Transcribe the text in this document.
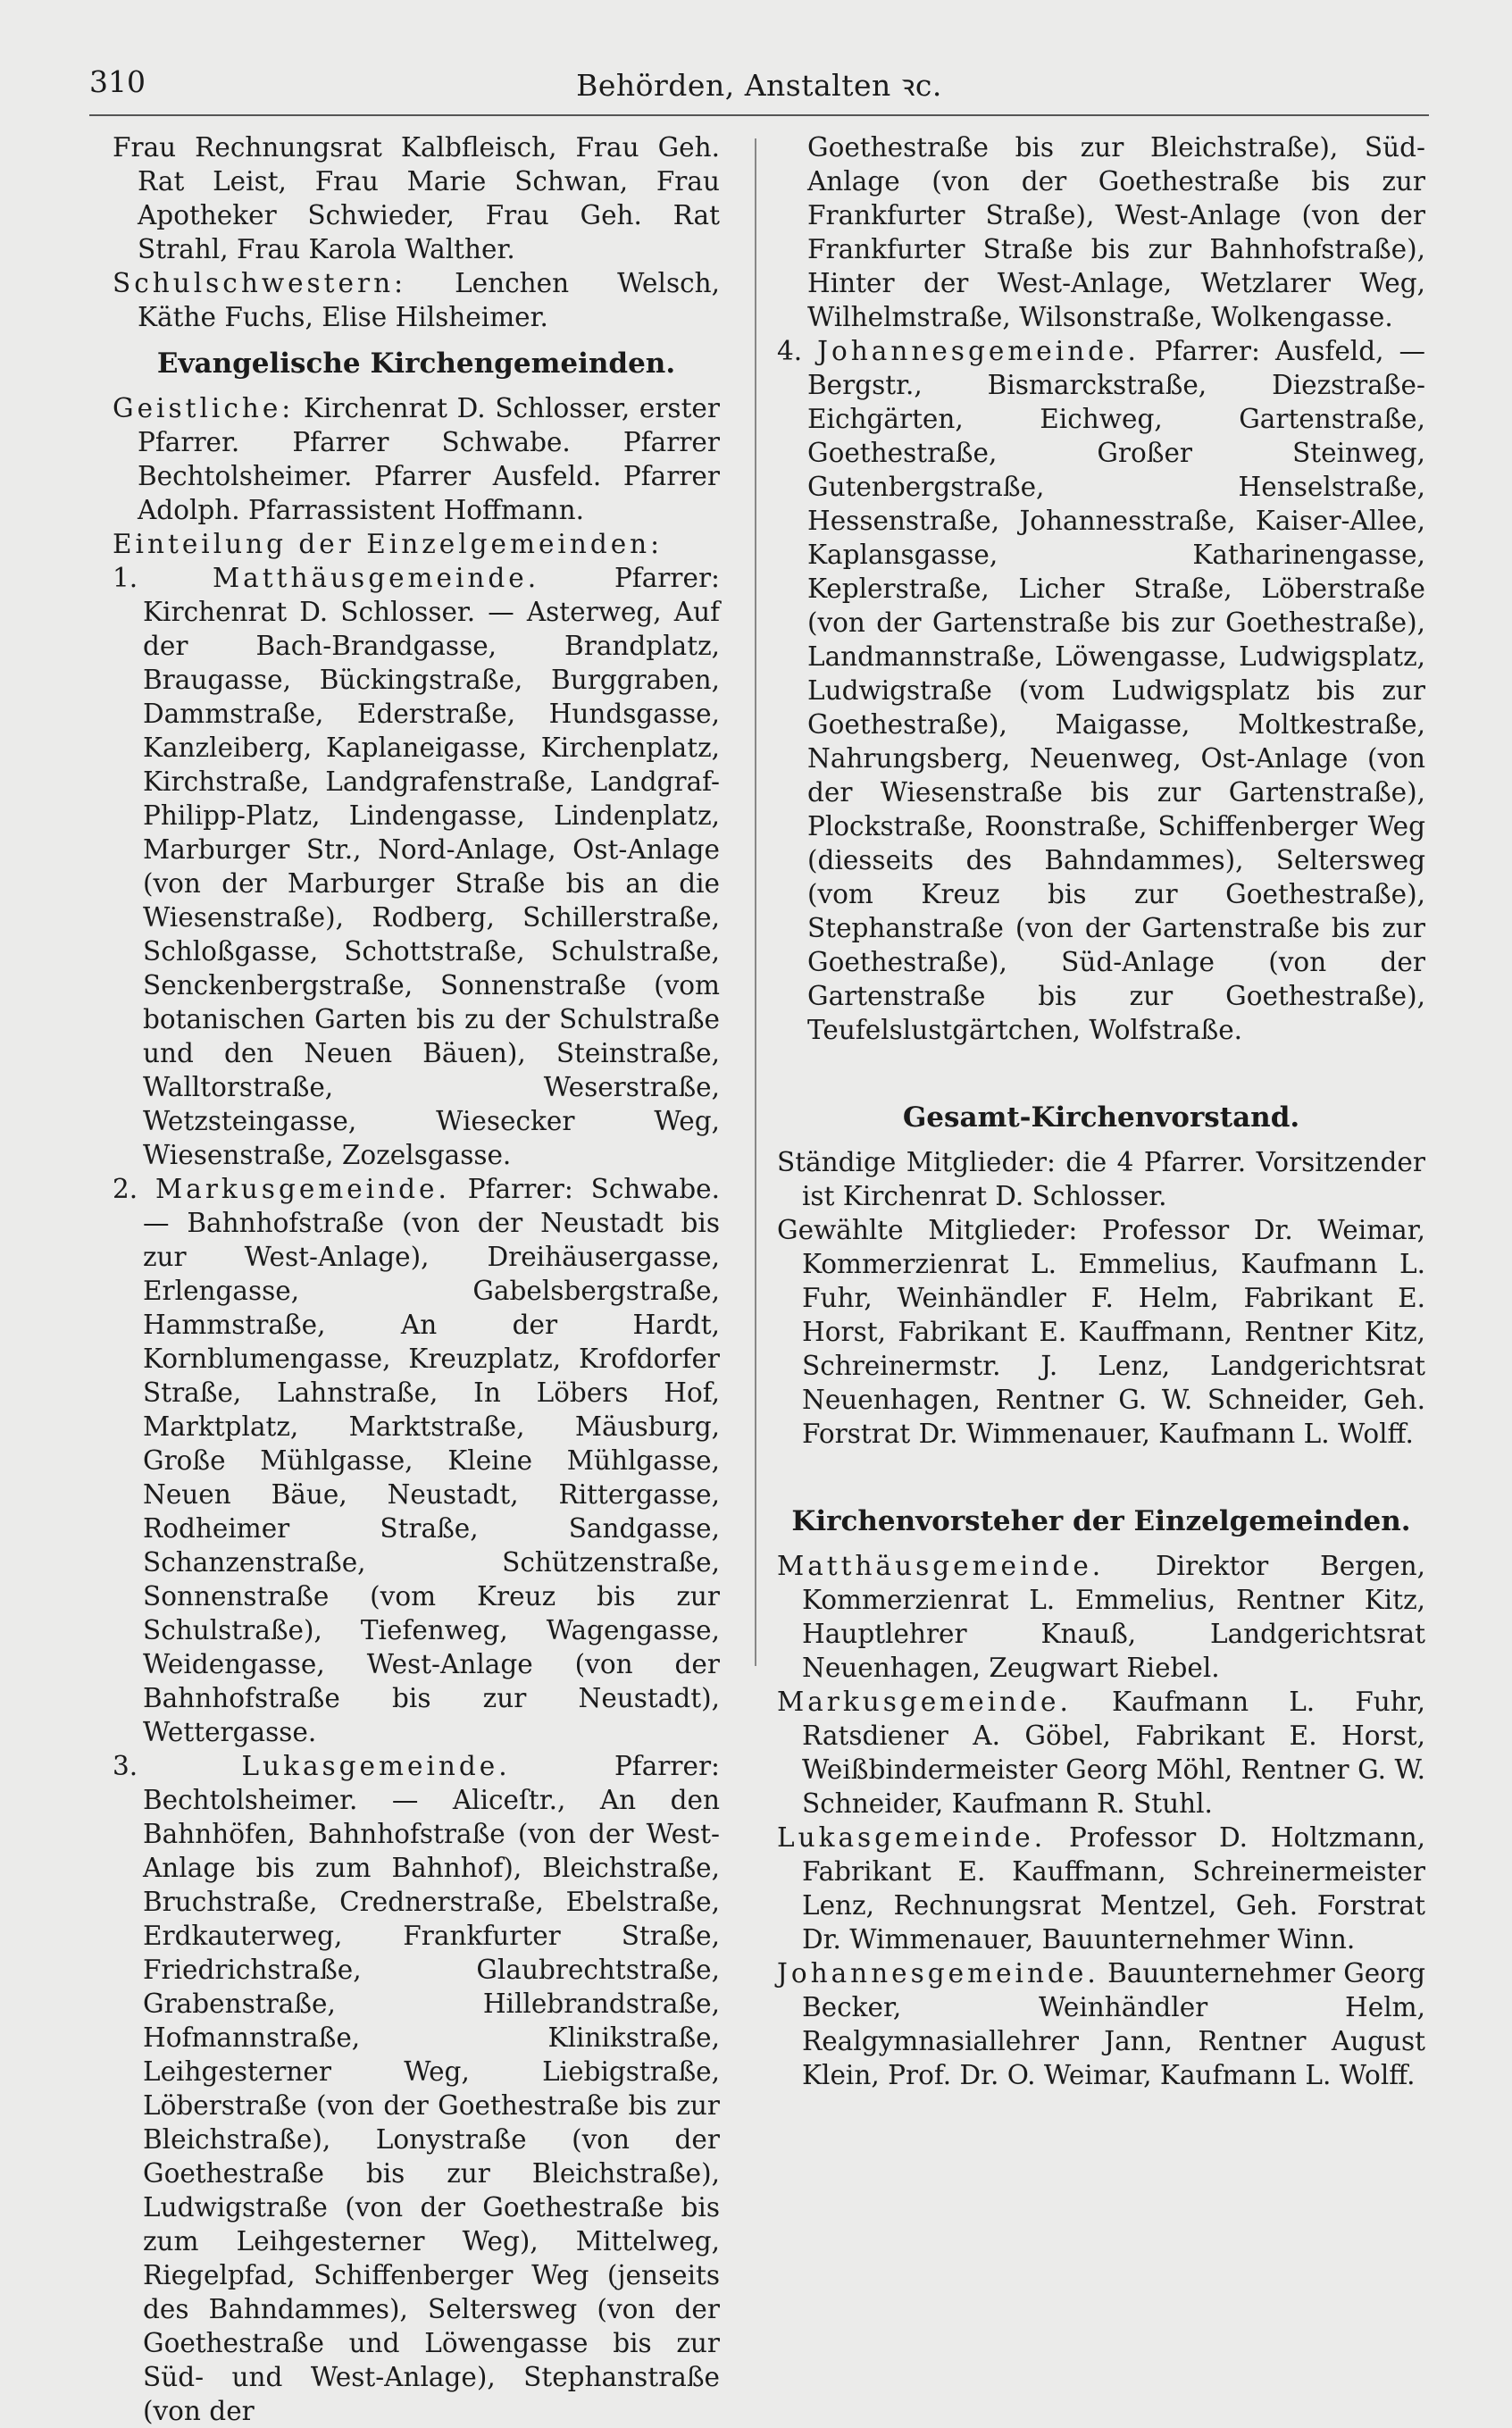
310	Behörden, Anstalten ꝛc.

Frau Rechnungsrat Kalbfleisch, Frau Geh. Rat Leist, Frau Marie Schwan, Frau Apotheker Schwieder, Frau Geh. Rat Strahl, Frau Karola Walther.

Schulschwestern: Lenchen Welsch, Käthe Fuchs, Elise Hilsheimer.

Evangelische Kirchengemeinden.

Geistliche: Kirchenrat D. Schlosser, erster Pfarrer. Pfarrer Schwabe. Pfarrer Bechtolsheimer. Pfarrer Ausfeld. Pfarrer Adolph. Pfarrassistent Hoffmann.

Einteilung der Einzelgemeinden:

1.	Matthäusgemeinde.	Pfarrer: Kirchenrat D. Schlosser. — Asterweg, Auf der Bach-Brandgasse, Brandplatz, Braugasse, Bückingstraße, Burggraben, Dammstraße, Ederstraße, Hundsgasse, Kanzleiberg, Kaplaneigasse, Kirchenplatz, Kirchstraße, Landgrafenstraße, Landgraf-Philipp-Platz, Lindengasse, Lindenplatz, Marburger Str., Nord-Anlage, Ost-Anlage (von der Marburger Straße bis an die Wiesenstraße), Rodberg, Schillerstraße, Schloßgasse, Schottstraße, Schulstraße, Senckenbergstraße, Sonnenstraße (vom botanischen Garten bis zu der Schulstraße und den Neuen Bäuen), Steinstraße, Walltorstraße, Weserstraße, Wetzsteingasse, Wiesecker Weg, Wiesenstraße, Zozelsgasse.

2. Markusgemeinde. Pfarrer: Schwabe. — Bahnhofstraße (von der Neustadt bis zur West-Anlage), Dreihäusergasse, Erlengasse, Gabelsbergstraße, Hammstraße, An der Hardt, Kornblumengasse, Kreuzplatz, Krofdorfer Straße, Lahnstraße, In Löbers Hof, Marktplatz, Marktstraße, Mäusburg, Große Mühlgasse, Kleine Mühlgasse, Neuen Bäue, Neustadt, Rittergasse, Rodheimer Straße, Sandgasse, Schanzenstraße, Schützenstraße, Sonnenstraße (vom Kreuz bis zur Schulstraße), Tiefenweg, Wagengasse, Weidengasse, West-Anlage (von der Bahnhofstraße bis zur Neustadt), Wettergasse.

3.	Lukasgemeinde.	Pfarrer: Bechtolsheimer. — Aliceſtr., An den Bahnhöfen, Bahnhofstraße (von der West-Anlage bis zum Bahnhof), Bleichstraße, Bruchstraße, Crednerstraße, Ebelstraße, Erdkauterweg, Frankfurter Straße, Friedrichstraße, Glaubrechtstraße, Grabenstraße, Hillebrandstraße, Hofmannstraße, Klinikstraße, Leihgesterner Weg, Liebigstraße, Löberstraße (von der Goethestraße bis zur Bleichstraße), Lonystraße (von der Goethestraße bis zur Bleichstraße), Ludwigstraße (von der Goethestraße bis zum Leihgesterner Weg), Mittelweg, Riegelpfad, Schiffenberger Weg (jenseits des Bahndammes), Seltersweg (von der Goethestraße und Löwengasse bis zur Süd- und West-Anlage), Stephanstraße (von der

Goethestraße bis zur Bleichstraße), Süd-Anlage (von der Goethestraße bis zur Frankfurter Straße), West-Anlage (von der Frankfurter Straße bis zur Bahnhofstraße), Hinter der West-Anlage, Wetzlarer Weg, Wilhelmstraße, Wilsonstraße, Wolkengasse.

4. Johannesgemeinde. Pfarrer: Ausfeld, — Bergstr., Bismarckstraße, Diezstraße-Eichgärten, Eichweg, Gartenstraße, Goethestraße, Großer Steinweg, Gutenbergstraße, Henselstraße, Hessenstraße, Johannesstraße, Kaiser-Allee, Kaplansgasse, Katharinengasse, Keplerstraße, Licher Straße, Löberstraße (von der Gartenstraße bis zur Goethestraße), Landmannstraße, Löwengasse, Ludwigsplatz, Ludwigstraße (vom Ludwigsplatz bis zur Goethestraße), Maigasse, Moltkestraße, Nahrungsberg, Neuenweg, Ost-Anlage (von der Wiesenstraße bis zur Gartenstraße), Plockstraße, Roonstraße, Schiffenberger Weg (diesseits des Bahndammes), Seltersweg (vom Kreuz bis zur Goethestraße), Stephanstraße (von der Gartenstraße bis zur Goethestraße), Süd-Anlage (von der Gartenstraße bis zur Goethestraße), Teufelslustgärtchen, Wolfstraße.

Gesamt-Kirchenvorstand.

Ständige Mitglieder: die 4 Pfarrer. Vorsitzender ist Kirchenrat D. Schlosser.

Gewählte Mitglieder: Professor Dr. Weimar, Kommerzienrat L. Emmelius, Kaufmann L. Fuhr, Weinhändler F. Helm, Fabrikant E. Horst, Fabrikant E. Kauffmann, Rentner Kitz, Schreinermstr. J. Lenz, Landgerichtsrat Neuenhagen, Rentner G. W. Schneider, Geh. Forstrat Dr. Wimmenauer, Kaufmann L. Wolff.

Kirchenvorsteher der Einzelgemeinden.

Matthäusgemeinde. Direktor Bergen, Kommerzienrat L. Emmelius, Rentner Kitz, Hauptlehrer Knauß, Landgerichtsrat Neuenhagen, Zeugwart Riebel.

Markusgemeinde. Kaufmann L. Fuhr, Ratsdiener A. Göbel, Fabrikant E. Horst, Weißbindermeister Georg Möhl, Rentner G. W. Schneider, Kaufmann R. Stuhl.

Lukasgemeinde. Professor D. Holtzmann, Fabrikant E. Kauffmann, Schreinermeister Lenz, Rechnungsrat Mentzel, Geh. Forstrat Dr. Wimmenauer, Bauunternehmer Winn.

Johannesgemeinde. Bauunternehmer Georg Becker, Weinhändler Helm, Realgymnasiallehrer Jann, Rentner August Klein, Prof. Dr. O. Weimar, Kaufmann L. Wolff.
